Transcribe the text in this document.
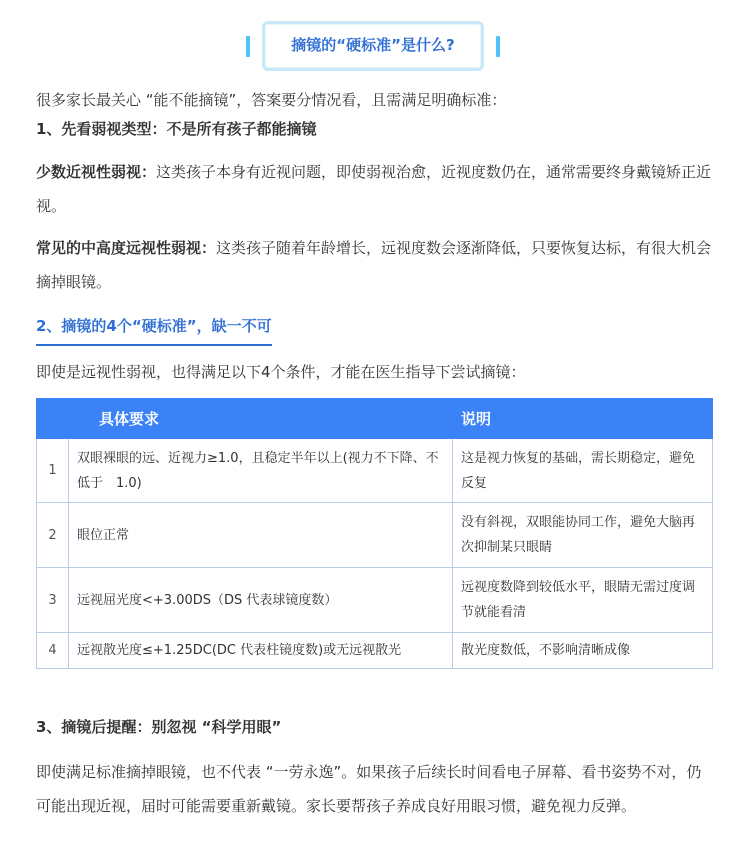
摘镜的“硬标准”是什么?

很多家长最关心 “能不能摘镜”，答案要分情况看，且需满足明确标准：

1、先看弱视类型：不是所有孩子都能摘镜

少数近视性弱视：这类孩子本身有近视问题，即使弱视治愈，近视度数仍在，通常需要终身戴镜矫正近视。

常见的中高度远视性弱视：这类孩子随着年龄增长，远视度数会逐渐降低，只要恢复达标，有很大机会摘掉眼镜。

2、摘镜的4个“硬标准”，缺一不可

即使是远视性弱视，也得满足以下4个条件，才能在医生指导下尝试摘镜：

	具体要求	说明
1	双眼裸眼的远、近视力≥1.0，且稳定半年以上(视力不下降、不低于　1.0)	这是视力恢复的基础，需长期稳定，避免反复
2	眼位正常	没有斜视，双眼能协同工作，避免大脑再次抑制某只眼睛
3	远视屈光度<+3.00DS（DS 代表球镜度数）	远视度数降到较低水平，眼睛无需过度调节就能看清
4	远视散光度≤+1.25DC(DC 代表柱镜度数)或无远视散光	散光度数低，不影响清晰成像

3、摘镜后提醒：别忽视 “科学用眼”

即使满足标准摘掉眼镜，也不代表 “一劳永逸”。如果孩子后续长时间看电子屏幕、看书姿势不对，仍可能出现近视，届时可能需要重新戴镜。家长要帮孩子养成良好用眼习惯，避免视力反弹。
